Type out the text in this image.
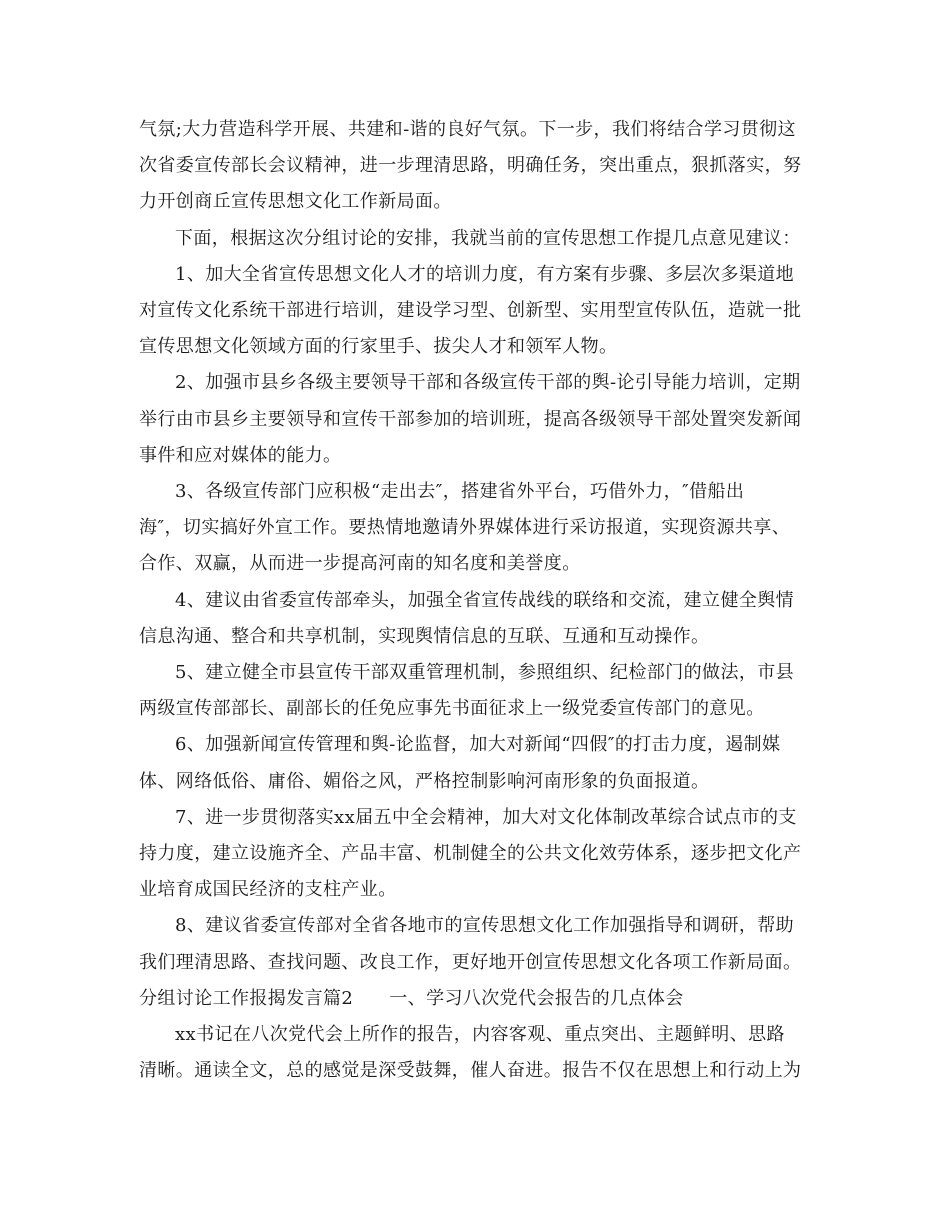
气氛;大力营造科学开展、共建和-谐的良好气氛。下一步，我们将结合学习贯彻这
次省委宣传部长会议精神，进一步理清思路，明确任务，突出重点，狠抓落实，努
力开创商丘宣传思想文化工作新局面。
下面，根据这次分组讨论的安排，我就当前的宣传思想工作提几点意见建议：
1、加大全省宣传思想文化人才的培训力度，有方案有步骤、多层次多渠道地
对宣传文化系统干部进行培训，建设学习型、创新型、实用型宣传队伍，造就一批
宣传思想文化领域方面的行家里手、拔尖人才和领军人物。
2、加强市县乡各级主要领导干部和各级宣传干部的舆-论引导能力培训，定期
举行由市县乡主要领导和宣传干部参加的培训班，提高各级领导干部处置突发新闻
事件和应对媒体的能力。
3、各级宣传部门应积极“走出去″，搭建省外平台，巧借外力，″借船出
海″，切实搞好外宣工作。要热情地邀请外界媒体进行采访报道，实现资源共享、
合作、双赢，从而进一步提高河南的知名度和美誉度。
4、建议由省委宣传部牵头，加强全省宣传战线的联络和交流，建立健全舆情
信息沟通、整合和共享机制，实现舆情信息的互联、互通和互动操作。
5、建立健全市县宣传干部双重管理机制，参照组织、纪检部门的做法，市县
两级宣传部部长、副部长的任免应事先书面征求上一级党委宣传部门的意见。
6、加强新闻宣传管理和舆-论监督，加大对新闻“四假″的打击力度，遏制媒
体、网络低俗、庸俗、媚俗之风，严格控制影响河南形象的负面报道。
7、进一步贯彻落实xx届五中全会精神，加大对文化体制改革综合试点市的支
持力度，建立设施齐全、产品丰富、机制健全的公共文化效劳体系，逐步把文化产
业培育成国民经济的支柱产业。
8、建议省委宣传部对全省各地市的宣传思想文化工作加强指导和调研，帮助
我们理清思路、查找问题、改良工作，更好地开创宣传思想文化各项工作新局面。
分组讨论工作报揭发言篇2 一、学习八次党代会报告的几点体会
xx书记在八次党代会上所作的报告，内容客观、重点突出、主题鲜明、思路
清晰。通读全文，总的感觉是深受鼓舞，催人奋进。报告不仅在思想上和行动上为
